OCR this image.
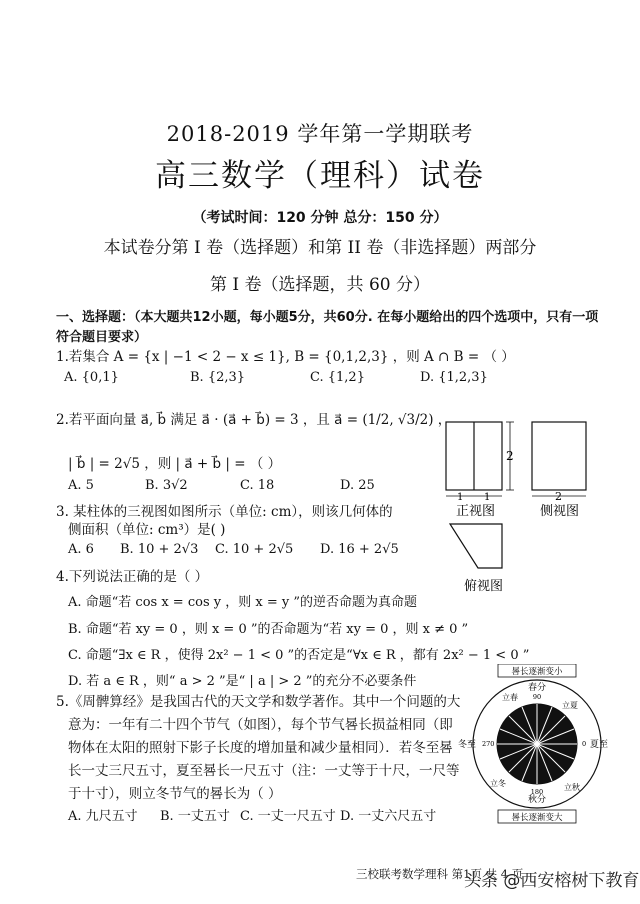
2018-2019 学年第一学期联考
高三数学（理科）试卷
（考试时间：120 分钟 总分：150 分）
本试卷分第 I 卷（选择题）和第 II 卷（非选择题）两部分
第 I 卷（选择题，共 60 分）
一、选择题：（本大题共12小题，每小题5分，共60分. 在每小题给出的四个选项中，只有一项
符合题目要求）
1.若集合 A = {x | −1 < 2 − x ≤ 1}, B = {0,1,2,3} ，则 A ∩ B = （ ）
A. {0,1}	B. {2,3}	C. {1,2}	D. {1,2,3}
2.若平面向量 a⃗, b⃗ 满足 a⃗ · (a⃗ + b⃗) = 3 ，且 a⃗ = (1/2, √3/2) ，
| b⃗ | = 2√5 ，则 | a⃗ + b⃗ | = （ ）
A. 5	B. 3√2	C. 18	D. 25
3. 某柱体的三视图如图所示（单位: cm），则该几何体的
侧面积（单位: cm³）是( )
A. 6 B. 10 + 2√3 C. 10 + 2√5 D. 16 + 2√5
4.下列说法正确的是（ ）
A. 命题“若 cos x = cos y ，则 x = y ”的逆否命题为真命题
B. 命题“若 xy = 0 ，则 x = 0 ”的否命题为“若 xy = 0 ，则 x ≠ 0 ”
C. 命题“∃x ∈ R ，使得 2x² − 1 < 0 ”的否定是“∀x ∈ R ，都有 2x² − 1 < 0 ”
D. 若 a ∈ R ，则“ a > 2 ”是“ | a | > 2 ”的充分不必要条件
5.《周髀算经》是我国古代的天文学和数学著作。其中一个问题的大
意为：一年有二十四个节气（如图），每个节气晷长损益相同（即
物体在太阳的照射下影子长度的增加量和减少量相同）．若冬至晷
长一丈三尺五寸，夏至晷长一尺五寸（注：一丈等于十尺，一尺等
于十寸），则立冬节气的晷长为（ ）
A. 九尺五寸 B. 一丈五寸 C. 一丈一尺五寸 D. 一丈六尺五寸
2
1 1
正视图
2
侧视图
俯视图
晷长逐渐变小
春分
秋分
夏至
冬至
立春
立夏
立秋
立冬
90
270	0
180
晷长逐渐变大
三校联考数学理科 第1页 共 4 页
头条 @西安榕树下教育
